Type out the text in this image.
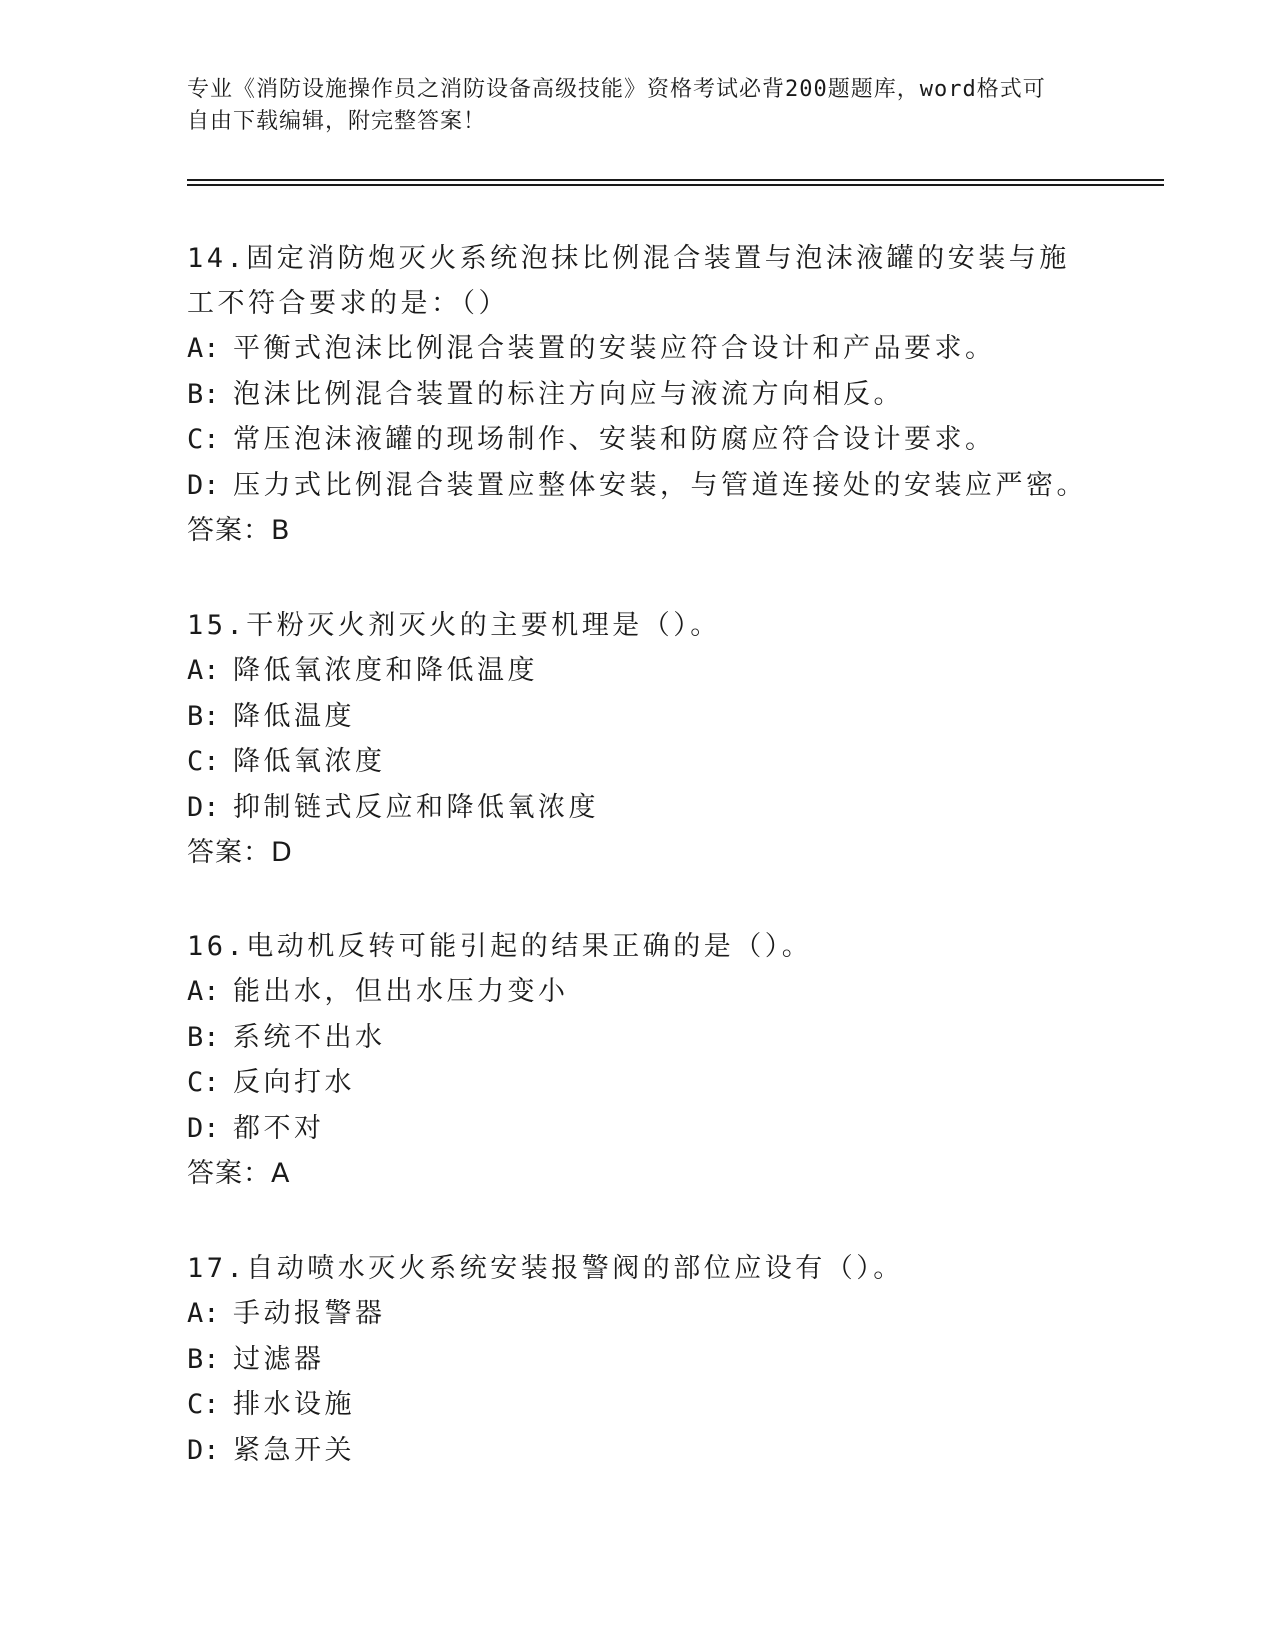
专业《消防设施操作员之消防设备高级技能》资格考试必背200题题库，word格式可自由下载编辑，附完整答案！

14.固定消防炮灭火系统泡抹比例混合装置与泡沫液罐的安装与施工不符合要求的是：（）

A: 平衡式泡沫比例混合装置的安装应符合设计和产品要求。
B: 泡沫比例混合装置的标注方向应与液流方向相反。
C: 常压泡沫液罐的现场制作、安装和防腐应符合设计要求。
D: 压力式比例混合装置应整体安装，与管道连接处的安装应严密。
答案：B

15.干粉灭火剂灭火的主要机理是（）。

A: 降低氧浓度和降低温度
B: 降低温度
C: 降低氧浓度
D: 抑制链式反应和降低氧浓度
答案：D

16.电动机反转可能引起的结果正确的是（）。

A: 能出水，但出水压力变小
B: 系统不出水
C: 反向打水
D: 都不对
答案：A

17.自动喷水灭火系统安装报警阀的部位应设有（）。

A: 手动报警器
B: 过滤器
C: 排水设施
D: 紧急开关
